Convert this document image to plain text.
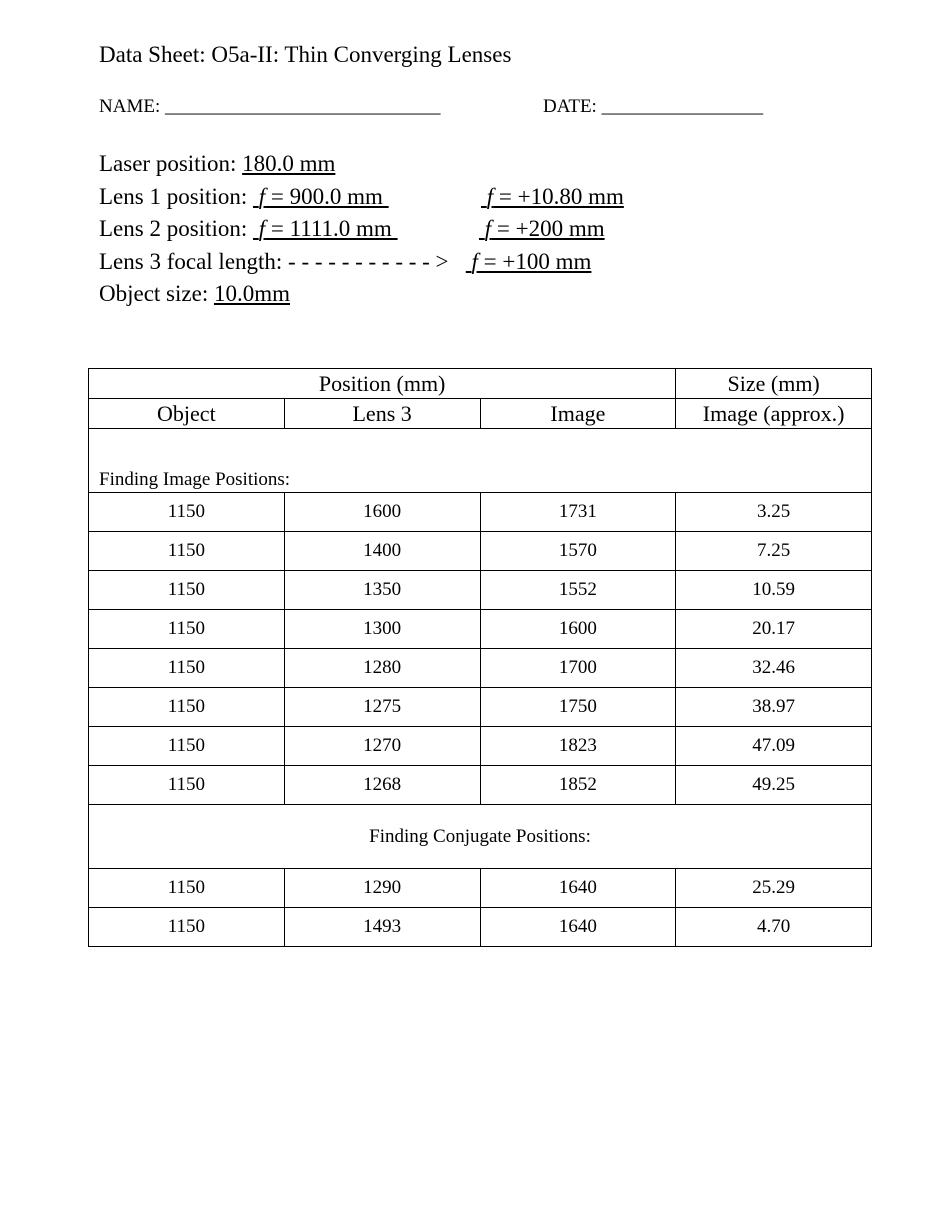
Data Sheet: O5a-II: Thin Converging Lenses
NAME: _____________________________	DATE: _________________
Laser position: 180.0 mm
Lens 1 position:  f = 900.0 mm	f = +10.80 mm
Lens 2 position:  f = 1111.0 mm	f = +200 mm
Lens 3 focal length: - - - - - - - - - - - >    f = +100 mm
Object size: 10.0mm
Position (mm)			Size (mm)
Object	Lens 3	Image	Image (approx.)
Finding Image Positions:			
1150	1600	1731	3.25
1150	1400	1570	7.25
1150	1350	1552	10.59
1150	1300	1600	20.17
1150	1280	1700	32.46
1150	1275	1750	38.97
1150	1270	1823	47.09
1150	1268	1852	49.25
Finding Conjugate Positions:			
1150	1290	1640	25.29
1150	1493	1640	4.70
